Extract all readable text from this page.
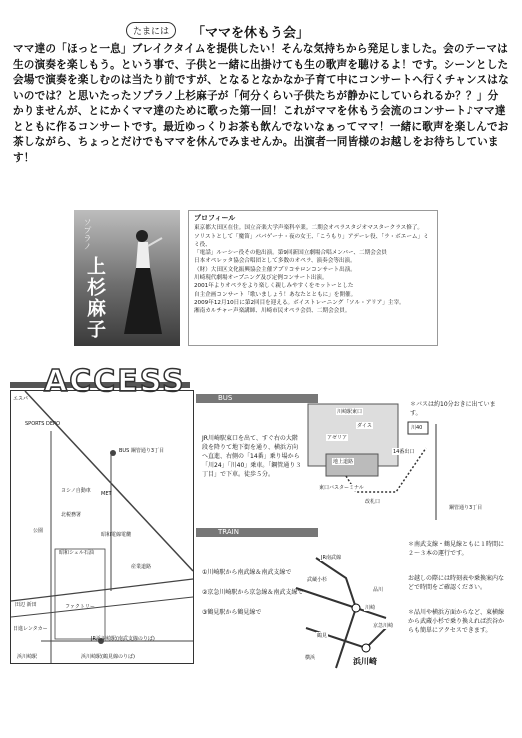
たまには	「ママを休もう会」
ママ達の「ほっと一息」ブレイクタイムを提供したい！そんな気持ちから発足しました。会のテーマは生の演奏を楽しもう。という事で、子供と一緒に出掛けても生の歌声を聴けるよ！です。シーンとした会場で演奏を楽しむのは当たり前ですが、となるとなかなか子育て中にコンサートへ行くチャンスはないのでは？と思いたったソプラノ上杉麻子が「何分くらい子供たちが静かにしていられるか？？」分かりませんが、とにかくママ達のために歌った第一回！これがママを休もう会流のコンサート♪ママ達とともに作るコンサートです。最近ゆっくりお茶も飲んでないなぁってママ！一緒に歌声を楽しんでお茶しながら、ちょっとだけでもママを休んでみませんか。出演者一同皆様のお越しをお待ちしています！
ソプラノ
上杉麻子
プロフィール
東京都大田区在住。国立音楽大学声楽科卒業。二期会オペラスタジオマスタークラス修了。
ソリストとして「魔笛」パパゲーナ・夜の女王、「こうもり」アデーレ役、「ラ・ボエーム」ミミ役、
「電話」ルーシー役その他出演。第9回新国立劇場合唱メンバー、二期会会員
日本オペレッタ協会合唱団として多数のオペラ、演奏会等出演。
（財）大田区文化振興協会主催アプリコサロンコンサート出演。
川崎現代劇場オープニング及び定例コンサート出演。
2001年よりオペラをより楽しく親しみやすくをモットーとした
自主企画コンサート「歌いましょう！あなたとともに」を開催。
2009年12月10日に第2回目を迎える。ボイストレーニング「ソル・アリア」主宰。
湘南カルチャー声楽講師、川崎市民オペラ会員、二期会会員。
ACCESS
エスパ
SPORTS DEPO
ヨシノ自動車
北税務署
BUS 鋼管通り3丁目
MET
公園
昭和シェル石油
昭和電線電纜
産業道路
日進レンタカー
JR浜川崎駅(南武支線のりば)
浜川崎駅(鶴見線のりば)
浜川崎駅
田辺 新田	ファクトリー
BUS
＊バスは約10分おきに出ています。
川崎駅東口
ダイス
アゼリア
14番出口
川40
地上道路
東口バスターミナル
改札口
鋼管通り3丁目
JR川崎駅東口を出て、すぐ右の大階段を降りて地下街を通り、横浜方向へ直進、右側の「14番」乗り場から「川24」「川40」乗車。「鋼管通り３丁目」で下車。徒歩５分。
TRAIN
JR南武線
武蔵小杉
品川
川崎
京急川崎
浜川崎
鶴見
横浜
①川崎駅から南武線＆南武支線で
②京急川崎駅から京急線＆南武支線で
③鶴見駅から鶴見線で
＊南武支線・鶴見線ともに１時間に２〜３本の運行です。
お越しの際には時刻表や乗換案内などで時間をご確認ください。
＊品川や横浜方面からなど、東横線から武蔵小杉で乗り換えれば渋谷からも簡単にアクセスできます。
